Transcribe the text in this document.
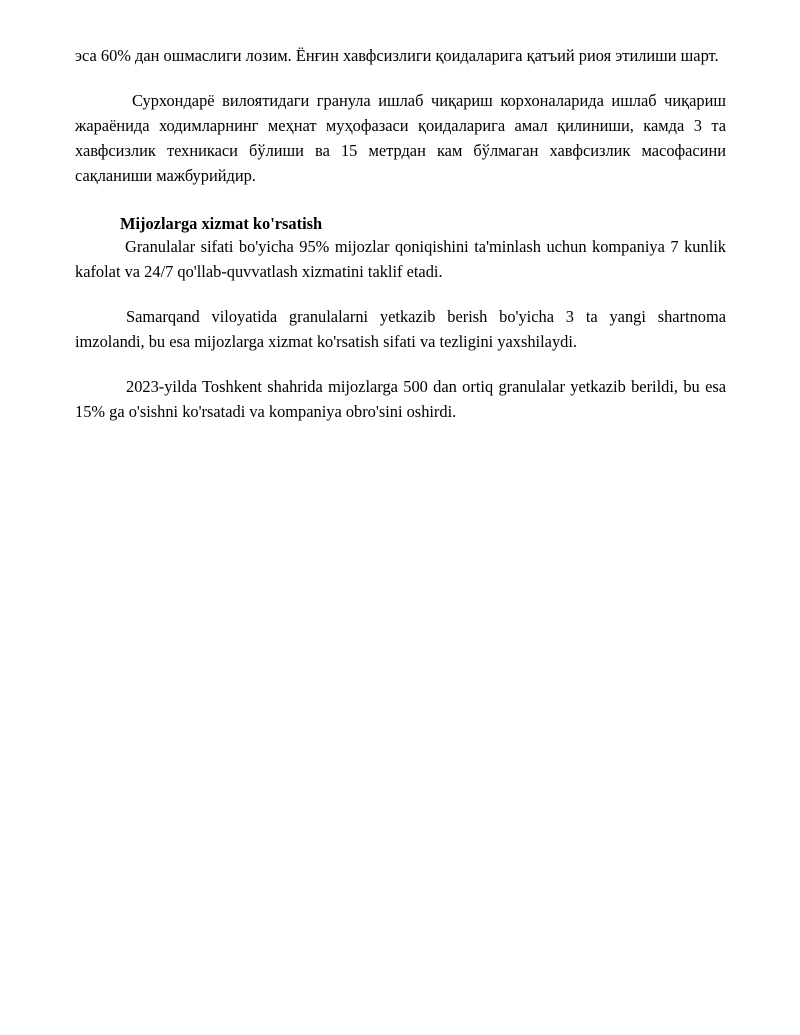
эса 60% дан ошмаслиги лозим. Ёнғин хавфсизлиги қоидаларига қатъий риоя этилиши шарт.

Сурхондарё вилоятидаги гранула ишлаб чиқариш корхоналарида ишлаб чиқариш жараёнида ходимларнинг меҳнат муҳофазаси қоидаларига амал қилиниши, камда 3 та хавфсизлик техникаси бўлиши ва 15 метрдан кам бўлмаган хавфсизлик масофасини сақланиши мажбурийдир.

Mijozlarga xizmat ko'rsatish

Granulalar sifati bo'yicha 95% mijozlar qoniqishini ta'minlash uchun kompaniya 7 kunlik kafolat va 24/7 qo'llab-quvvatlash xizmatini taklif etadi.

Samarqand viloyatida granulalarni yetkazib berish bo'yicha 3 ta yangi shartnoma imzolandi, bu esa mijozlarga xizmat ko'rsatish sifati va tezligini yaxshilaydi.

2023-yilda Toshkent shahrida mijozlarga 500 dan ortiq granulalar yetkazib berildi, bu esa 15% ga o'sishni ko'rsatadi va kompaniya obro'sini oshirdi.
